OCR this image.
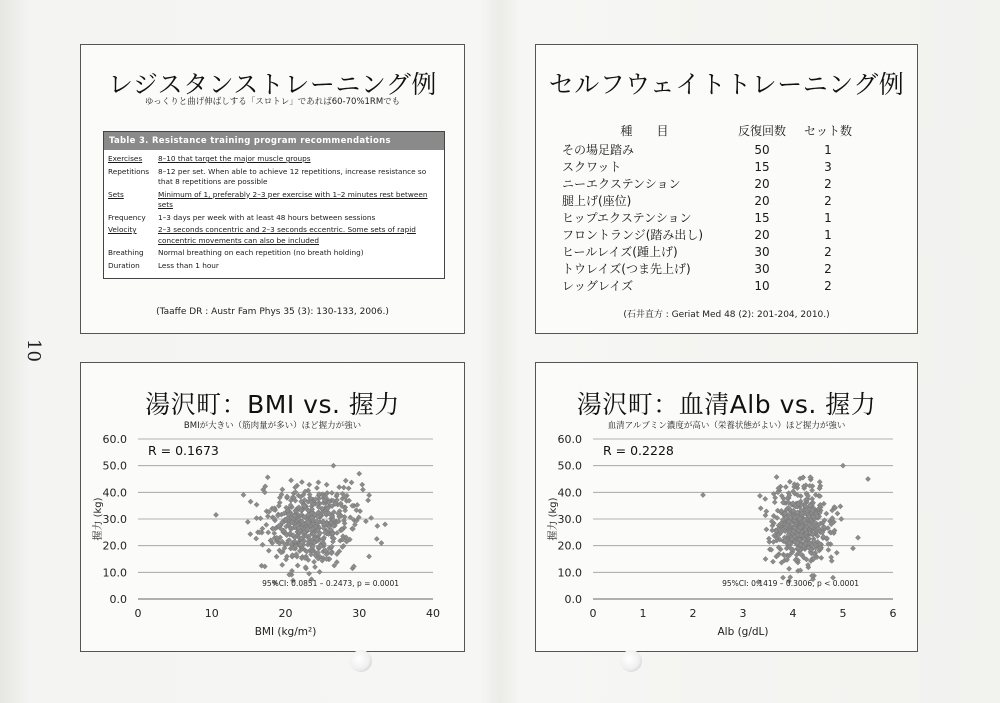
10
レジスタンストレーニング例
ゆっくりと曲げ伸ばしする「スロトレ」であれば60-70%1RMでも
Table 3. Resistance training program recommendations
Exercises	8–10 that target the major muscle groups
Repetitions	8–12 per set. When able to achieve 12 repetitions, increase resistance so that 8 repetitions are possible
Sets	Minimum of 1, preferably 2–3 per exercise with 1–2 minutes rest between sets
Frequency	1–3 days per week with at least 48 hours between sessions
Velocity	2–3 seconds concentric and 2–3 seconds eccentric. Some sets of rapid concentric movements can also be included
Breathing	Normal breathing on each repetition (no breath holding)
Duration	Less than 1 hour
(Taaffe DR : Austr Fam Phys 35 (3): 130-133, 2006.)
セルフウェイトトレーニング例
種　　目	反復回数	セット数
その場足踏み	50	1
スクワット	15	3
ニーエクステンション	20	2
腿上げ(座位)	20	2
ヒップエクステンション	15	1
フロントランジ(踏み出し)	20	1
ヒールレイズ(踵上げ)	30	2
トウレイズ(つま先上げ)	30	2
レッグレイズ	10	2
(石井直方 : Geriat Med 48 (2): 201-204, 2010.)
湯沢町：BMI vs. 握力
BMIが大きい（筋肉量が多い）ほど握力が強い
0.0
10.0
20.0
30.0
40.0
50.0
60.0
0	10	20	30	40
BMI (kg/m²)
握力 (kg)
R = 0.1673
95%CI: 0.0851 – 0.2473, p = 0.0001
湯沢町：血清Alb vs. 握力
血清アルブミン濃度が高い（栄養状態がよい）ほど握力が強い
0.0
10.0
20.0
30.0
40.0
50.0
60.0
0	1	2	3	4	5	6
Alb (g/dL)
握力 (kg)
R = 0.2228
95%CI: 0.1419 – 0.3006, p < 0.0001
